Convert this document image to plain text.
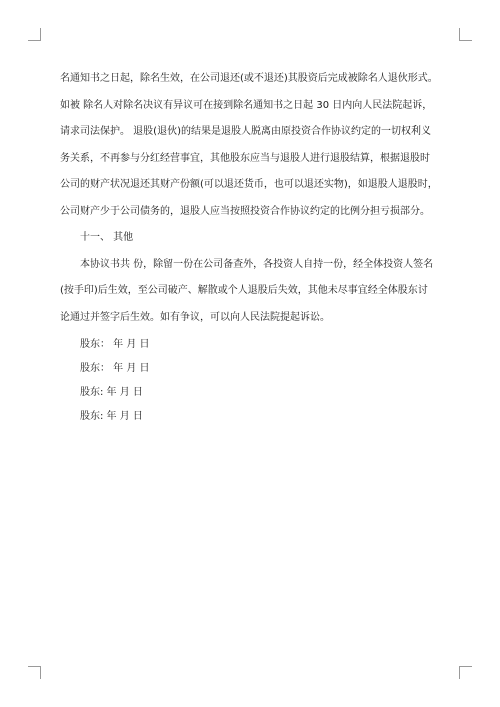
名通知书之日起，除名生效，在公司退还(或不退还)其股资后完成被除名人退伙形式。

如被 除名人对除名决议有异议可在接到除名通知书之日起 30 日内向人民法院起诉，

请求司法保护。 退股(退伙)的结果是退股人脱离由原投资合作协议约定的一切权利义

务关系，不再参与分红经营事宜，其他股东应当与退股人进行退股结算，根据退股时

公司的财产状况退还其财产份额(可以退还货币，也可以退还实物)，如退股人退股时，

公司财产少于公司债务的，退股人应当按照投资合作协议约定的比例分担亏损部分。

十一、 其他

本协议书共 份，除留一份在公司备查外，各投资人自持一份，经全体投资人签名

(按手印)后生效，至公司破产、解散或个人退股后失效，其他未尽事宜经全体股东讨

论通过并签字后生效。如有争议，可以向人民法院提起诉讼。

股东： 年 月 日

股东： 年 月 日

股东: 年 月 日

股东: 年 月 日
